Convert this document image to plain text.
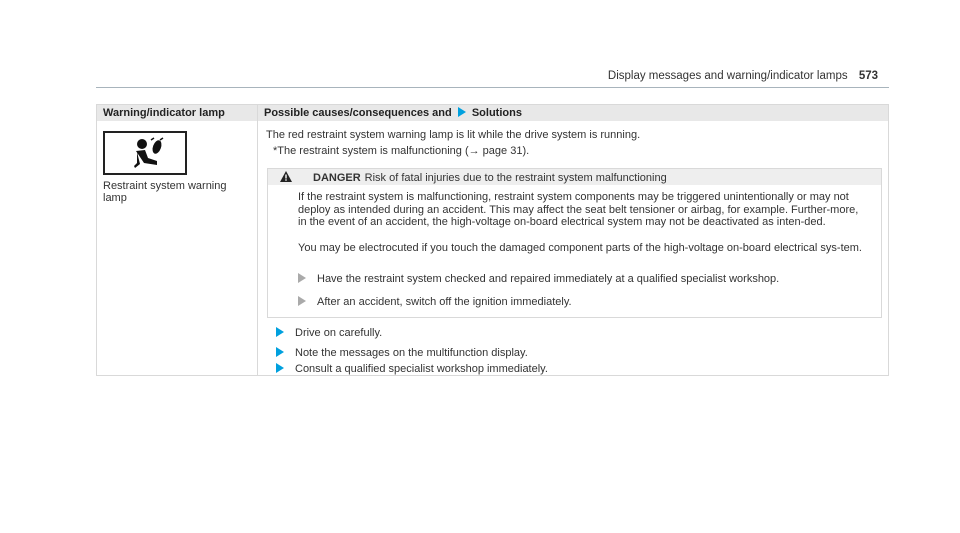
Display messages and warning/indicator lamps 573
Warning/indicator lamp	Possible causes/consequences and Solutions
Restraint system warning lamp
The red restraint system warning lamp is lit while the drive system is running.
*The restraint system is malfunctioning (→ page 31).
DANGER Risk of fatal injuries due to the restraint system malfunctioning
If the restraint system is malfunctioning, restraint system components may be triggered unintentionally or may not deploy as intended during an accident. This may affect the seat belt tensioner or airbag, for example. Further-more, in the event of an accident, the high-voltage on-board electrical system may not be deactivated as inten-ded.
You may be electrocuted if you touch the damaged component parts of the high-voltage on-board electrical sys-tem.
Have the restraint system checked and repaired immediately at a qualified specialist workshop.
After an accident, switch off the ignition immediately.
Drive on carefully.
Note the messages on the multifunction display.
Consult a qualified specialist workshop immediately.
